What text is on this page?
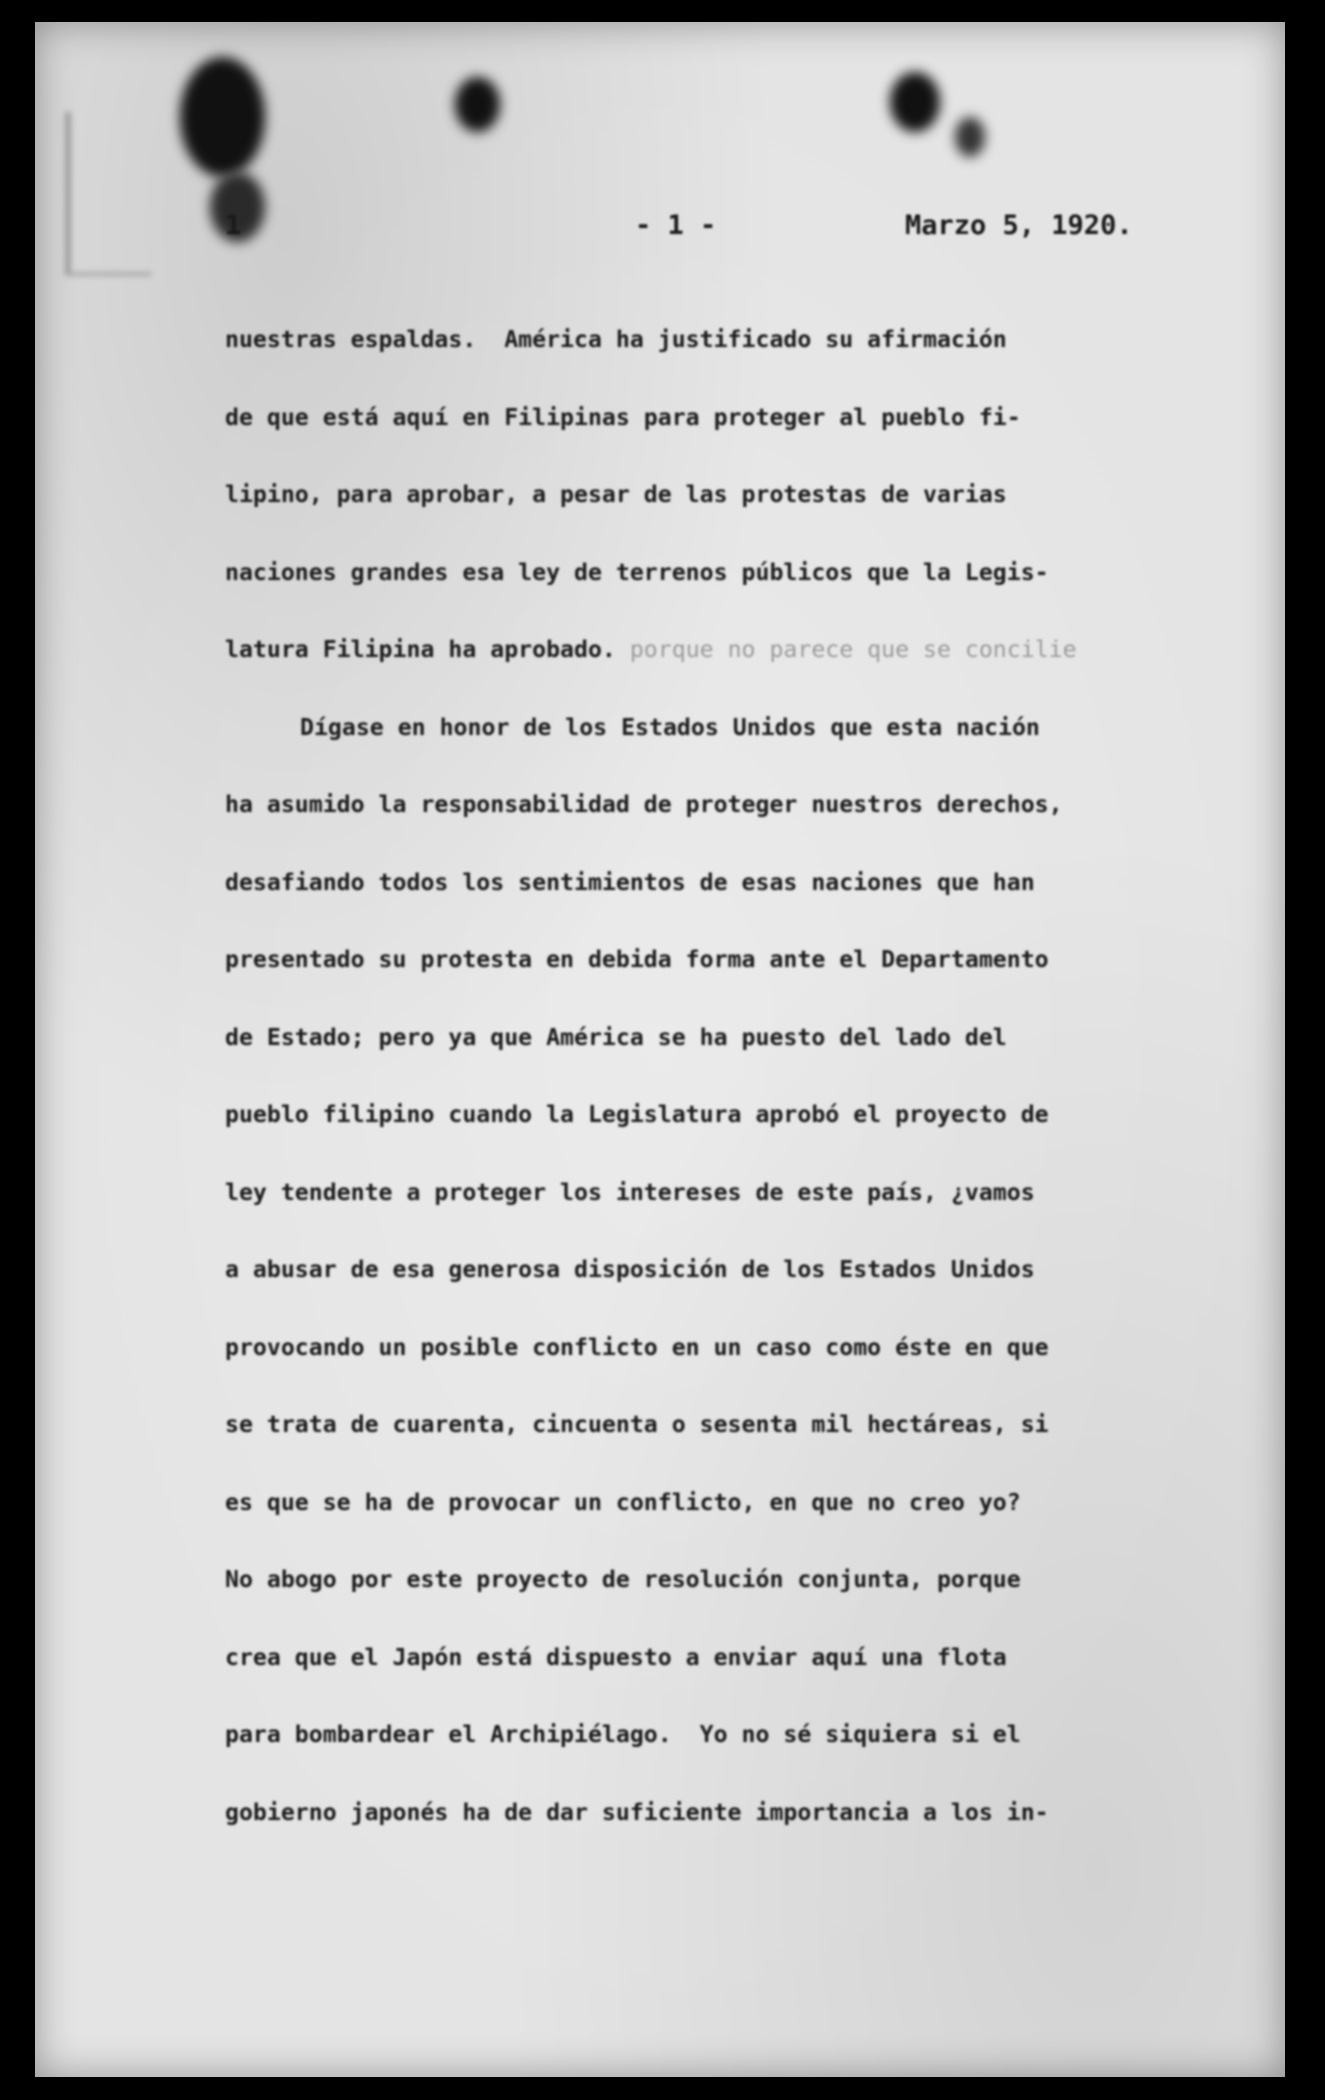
1	- 1 -	Marzo 5, 1920.
nuestras espaldas.  América ha justificado su afirmación
de que está aquí en Filipinas para proteger al pueblo fi-
lipino, para aprobar, a pesar de las protestas de varias
naciones grandes esa ley de terrenos públicos que la Legis-
latura Filipina ha aprobado. porque no parece que se concilie
Dígase en honor de los Estados Unidos que esta nación
ha asumido la responsabilidad de proteger nuestros derechos,
desafiando todos los sentimientos de esas naciones que han
presentado su protesta en debida forma ante el Departamento
de Estado; pero ya que América se ha puesto del lado del
pueblo filipino cuando la Legislatura aprobó el proyecto de
ley tendente a proteger los intereses de este país, ¿vamos
a abusar de esa generosa disposición de los Estados Unidos
provocando un posible conflicto en un caso como éste en que
se trata de cuarenta, cincuenta o sesenta mil hectáreas, si
es que se ha de provocar un conflicto, en que no creo yo?
No abogo por este proyecto de resolución conjunta, porque
crea que el Japón está dispuesto a enviar aquí una flota
para bombardear el Archipiélago.  Yo no sé siquiera si el
gobierno japonés ha de dar suficiente importancia a los in-
